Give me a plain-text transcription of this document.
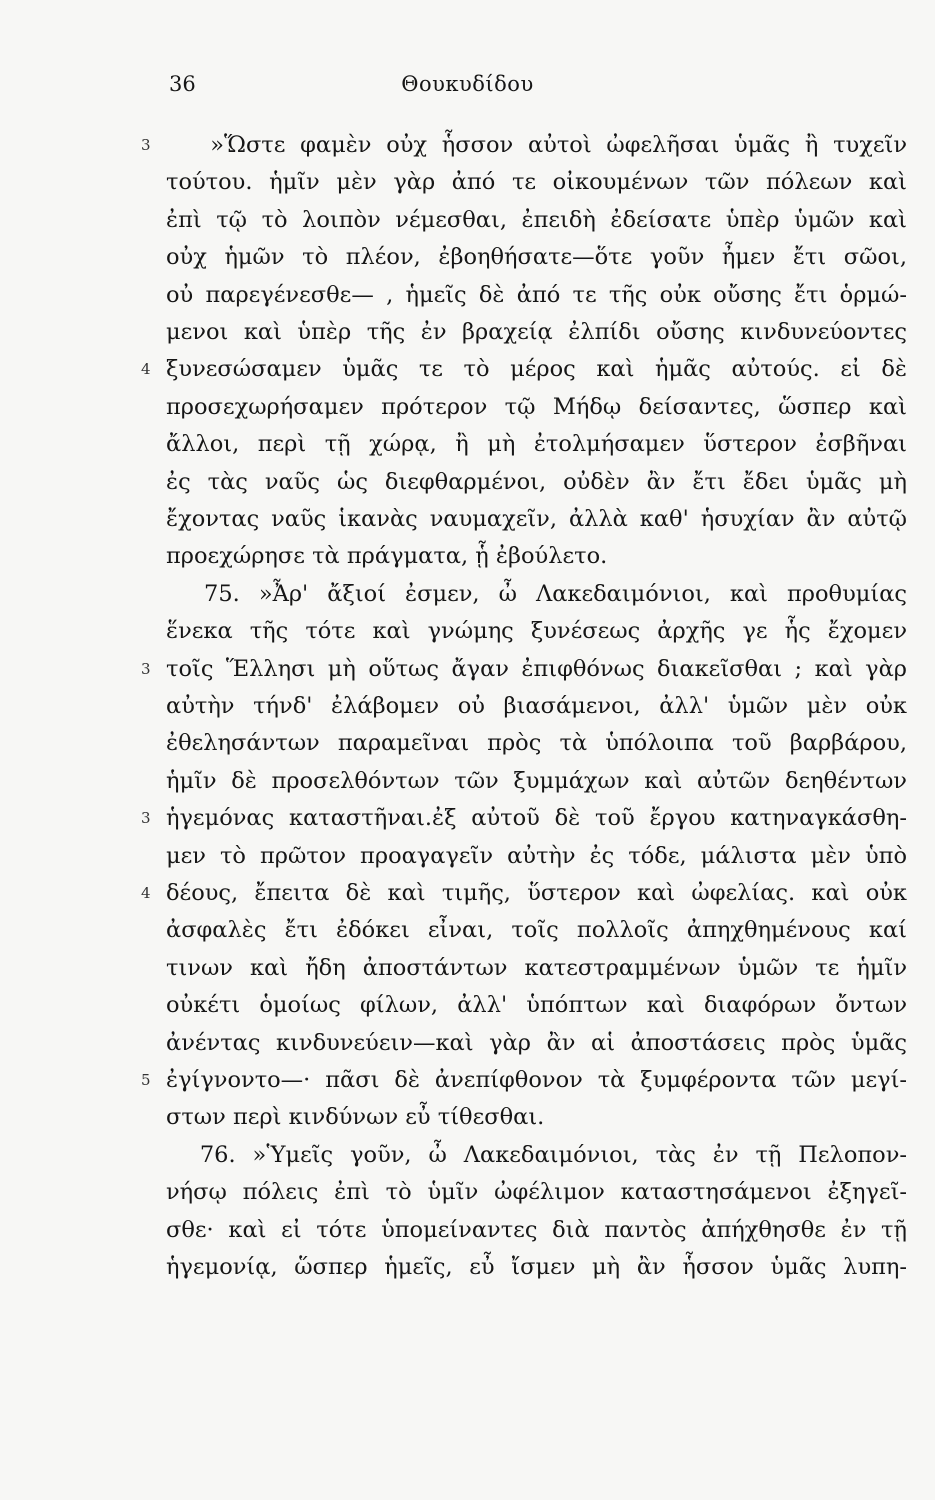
36	Θουκυδίδου
»Ὥστε φαμὲν οὐχ ἧσσον αὐτοὶ ὠφελῆσαι ὑμᾶς ἢ τυχεῖν
3
τούτου. ἡμῖν μὲν γὰρ ἀπό τε οἰκουμένων τῶν πόλεων καὶ
ἐπὶ τῷ τὸ λοιπὸν νέμεσθαι, ἐπειδὴ ἐδείσατε ὑπὲρ ὑμῶν καὶ
οὐχ ἡμῶν τὸ πλέον, ἐβοηθήσατε—ὅτε γοῦν ἦμεν ἔτι σῶοι,
οὐ παρεγένεσθε— , ἡμεῖς δὲ ἀπό τε τῆς οὐκ οὔσης ἔτι ὁρμώ-
μενοι καὶ ὑπὲρ τῆς ἐν βραχείᾳ ἐλπίδι οὔσης κινδυνεύοντες
ξυνεσώσαμεν ὑμᾶς τε τὸ μέρος καὶ ἡμᾶς αὐτούς. εἰ δὲ
4
προσεχωρήσαμεν πρότερον τῷ Μήδῳ δείσαντες, ὥσπερ καὶ
ἄλλοι, περὶ τῇ χώρᾳ, ἢ μὴ ἐτολμήσαμεν ὕστερον ἐσβῆναι
ἐς τὰς ναῦς ὡς διεφθαρμένοι, οὐδὲν ἂν ἔτι ἔδει ὑμᾶς μὴ
ἔχοντας ναῦς ἱκανὰς ναυμαχεῖν, ἀλλὰ καθ' ἡσυχίαν ἂν αὐτῷ
προεχώρησε τὰ πράγματα, ᾗ ἐβούλετο.
75. »Ἆρ' ἄξιοί ἐσμεν, ὦ Λακεδαιμόνιοι, καὶ προθυμίας
ἕνεκα τῆς τότε καὶ γνώμης ξυνέσεως ἀρχῆς γε ἧς ἔχομεν
τοῖς Ἕλλησι μὴ οὕτως ἄγαν ἐπιφθόνως διακεῖσθαι ; καὶ γὰρ
3
αὐτὴν τήνδ' ἐλάβομεν οὐ βιασάμενοι, ἀλλ' ὑμῶν μὲν οὐκ
ἐθελησάντων παραμεῖναι πρὸς τὰ ὑπόλοιπα τοῦ βαρβάρου,
ἡμῖν δὲ προσελθόντων τῶν ξυμμάχων καὶ αὐτῶν δεηθέντων
ἡγεμόνας καταστῆναι.ἐξ αὐτοῦ δὲ τοῦ ἔργου κατηναγκάσθη-
3
μεν τὸ πρῶτον προαγαγεῖν αὐτὴν ἐς τόδε, μάλιστα μὲν ὑπὸ
δέους, ἔπειτα δὲ καὶ τιμῆς, ὕστερον καὶ ὠφελίας. καὶ οὐκ
4
ἀσφαλὲς ἔτι ἐδόκει εἶναι, τοῖς πολλοῖς ἀπηχθημένους καί
τινων καὶ ἤδη ἀποστάντων κατεστραμμένων ὑμῶν τε ἡμῖν
οὐκέτι ὁμοίως φίλων, ἀλλ' ὑπόπτων καὶ διαφόρων ὄντων
ἀνέντας κινδυνεύειν—καὶ γὰρ ἂν αἱ ἀποστάσεις πρὸς ὑμᾶς
ἐγίγνοντο—· πᾶσι δὲ ἀνεπίφθονον τὰ ξυμφέροντα τῶν μεγί-
5
στων περὶ κινδύνων εὖ τίθεσθαι.
76. »Ὑμεῖς γοῦν, ὦ Λακεδαιμόνιοι, τὰς ἐν τῇ Πελοπον-
νήσῳ πόλεις ἐπὶ τὸ ὑμῖν ὠφέλιμον καταστησάμενοι ἐξηγεῖ-
σθε· καὶ εἰ τότε ὑπομείναντες διὰ παντὸς ἀπήχθησθε ἐν τῇ
ἡγεμονίᾳ, ὥσπερ ἡμεῖς, εὖ ἴσμεν μὴ ἂν ἧσσον ὑμᾶς λυπη-
